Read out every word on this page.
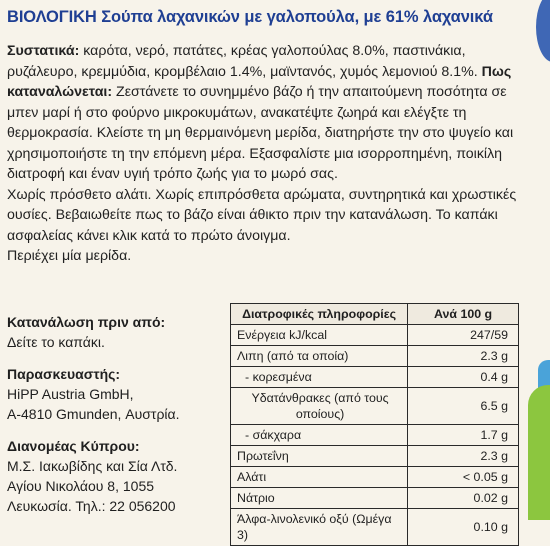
ΒΙΟΛΟΓΙΚΗ Σούπα λαχανικών με γαλοπούλα, με 61% λαχανικά

Συστατικά: καρότα, νερό, πατάτες, κρέας γαλοπούλας 8.0%, παστινάκια, ρυζάλευρο, κρεμμύδια, κρομβέλαιο 1.4%, μαϊντανός, χυμός λεμονιού 8.1%. Πως καταναλώνεται: Ζεστάνετε το συνημμένο βάζο ή την απαιτούμενη ποσότητα σε μπεν μαρί ή στο φούρνο μικροκυμάτων, ανακατέψτε ζωηρά και ελέγξτε τη θερμοκρασία. Κλείστε τη μη θερμαινόμενη μερίδα, διατηρήστε την στο ψυγείο και χρησιμοποιήστε τη την επόμενη μέρα. Εξασφαλίστε μια ισορροπημένη, ποικίλη διατροφή και έναν υγιή τρόπο ζωής για το μωρό σας.

Χωρίς πρόσθετο αλάτι. Χωρίς επιπρόσθετα αρώματα, συντηρητικά και χρωστικές ουσίες. Βεβαιωθείτε πως το βάζο είναι άθικτο πριν την κατανάλωση. Το καπάκι ασφαλείας κάνει κλικ κατά το πρώτο άνοιγμα.

Περιέχει μία μερίδα.

Κατανάλωση πριν από:
Δείτε το καπάκι.
Παρασκευαστής:
HiPP Austria GmbH,
A-4810 Gmunden, Αυστρία.
Διανομέας Κύπρου:
Μ.Σ. Ιακωβίδης και Σία Λτδ.
Αγίου Νικολάου 8, 1055
Λευκωσία. Τηλ.: 22 056200
Διατροφικές πληροφορίες	Ανά 100 g
Ενέργεια kJ/kcal	247/59
Λιπη (από τα οποία)	2.3 g
- κορεσμένα	0.4 g
Υδατάνθρακες (από τους οποίους)	6.5 g
- σάκχαρα	1.7 g
Πρωτεΐνη	2.3 g
Αλάτι	< 0.05 g
Νάτριο	0.02 g
Άλφα-λινολενικό οξύ (Ωμέγα 3)	0.10 g
